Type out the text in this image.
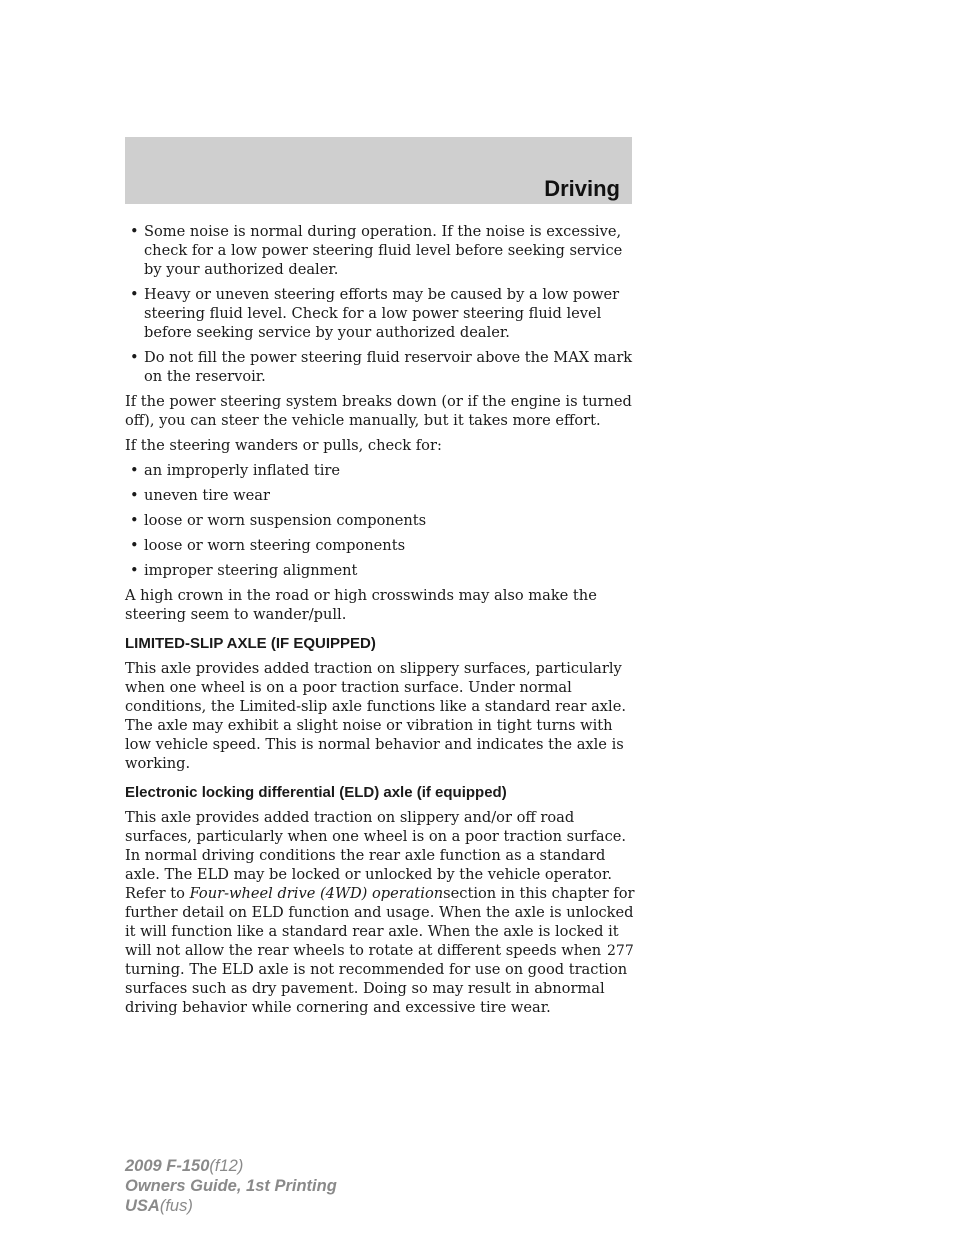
Driving
• Some noise is normal during operation. If the noise is excessive, check for a low power steering fluid level before seeking service by your authorized dealer.
• Heavy or uneven steering efforts may be caused by a low power steering fluid level. Check for a low power steering fluid level before seeking service by your authorized dealer.
• Do not fill the power steering fluid reservoir above the MAX mark on the reservoir.

If the power steering system breaks down (or if the engine is turned off), you can steer the vehicle manually, but it takes more effort.

If the steering wanders or pulls, check for:

• an improperly inflated tire
• uneven tire wear
• loose or worn suspension components
• loose or worn steering components
• improper steering alignment

A high crown in the road or high crosswinds may also make the steering seem to wander/pull.

LIMITED-SLIP AXLE (IF EQUIPPED)

This axle provides added traction on slippery surfaces, particularly when one wheel is on a poor traction surface. Under normal conditions, the Limited-slip axle functions like a standard rear axle. The axle may exhibit a slight noise or vibration in tight turns with low vehicle speed. This is normal behavior and indicates the axle is working.

Electronic locking differential (ELD) axle (if equipped)

This axle provides added traction on slippery and/or off road surfaces, particularly when one wheel is on a poor traction surface. In normal driving conditions the rear axle function as a standard axle. The ELD may be locked or unlocked by the vehicle operator. Refer to Four-wheel drive (4WD) operationsection in this chapter for further detail on ELD function and usage. When the axle is unlocked it will function like a standard rear axle. When the axle is locked it will not allow the rear wheels to rotate at different speeds when turning. The ELD axle is not recommended for use on good traction surfaces such as dry pavement. Doing so may result in abnormal driving behavior while cornering and excessive tire wear.

277
2009 F-150(f12)
Owners Guide, 1st Printing
USA(fus)
